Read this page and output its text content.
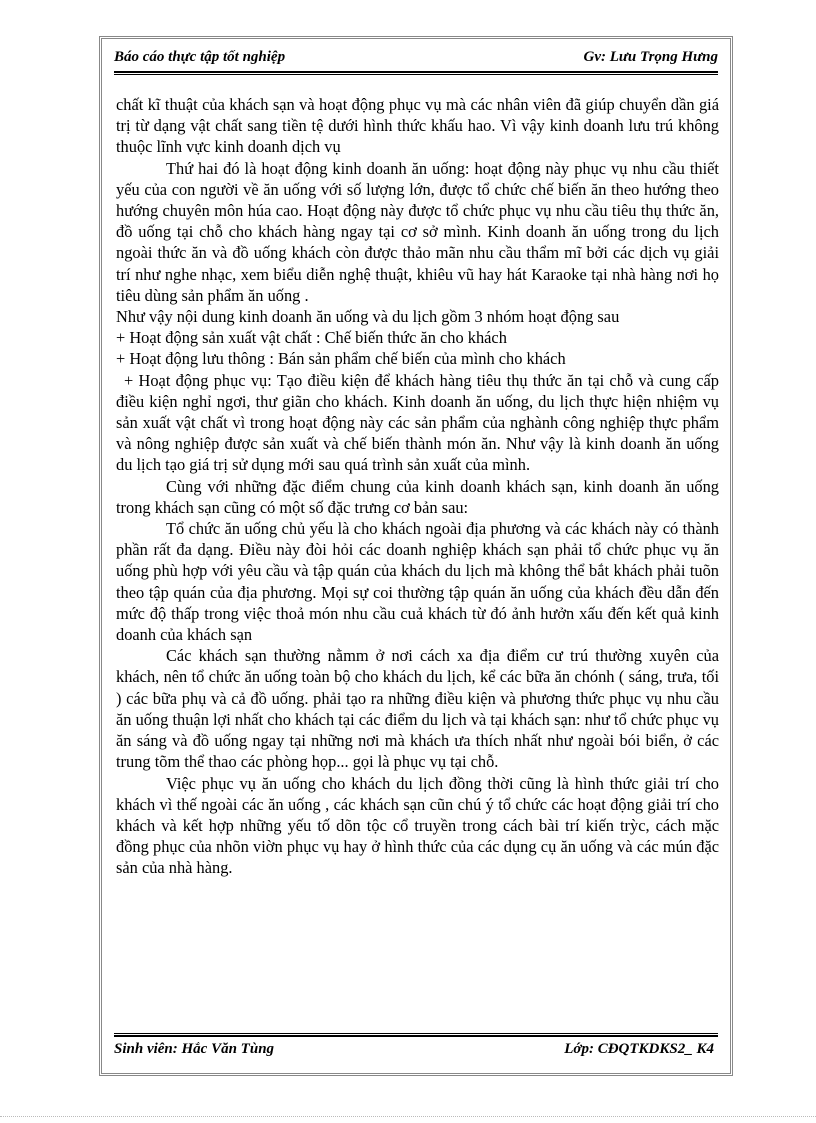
Báo cáo thực tập tốt nghiệp	Gv: Lưu Trọng Hưng

chất kĩ thuật của khách sạn và hoạt động phục vụ mà các nhân viên đã giúp chuyển dần giá trị từ dạng vật chất sang tiền tệ dưới hình thức khấu hao. Vì vậy kinh doanh lưu trú không thuộc lĩnh vực kinh doanh dịch vụ

Thứ hai đó là hoạt động kinh doanh ăn uống: hoạt động này phục vụ nhu cầu thiết yếu của con người về ăn uống với số lượng lớn, được tổ chức chế biến ăn theo hướng theo hướng chuyên môn húa cao. Hoạt động này được tổ chức phục vụ nhu cầu tiêu thụ thức ăn, đồ uống tại chỗ cho khách hàng ngay tại cơ sở mình. Kinh doanh ăn uống trong du lịch ngoài thức ăn và đồ uống khách còn được thảo mãn nhu cầu thẩm mĩ bởi các dịch vụ giải trí như nghe nhạc, xem biểu diễn nghệ thuật, khiêu vũ hay hát Karaoke tại nhà hàng nơi họ tiêu dùng sản phẩm ăn uống .

Như vậy nội dung kinh doanh ăn uống và du lịch gồm 3 nhóm hoạt động sau

+ Hoạt động sản xuất vật chất : Chế biến thức ăn cho khách

+ Hoạt động lưu thông : Bán sản phẩm chế biến của mình cho khách

+ Hoạt động phục vụ: Tạo điều kiện để khách hàng tiêu thụ thức ăn tại chỗ và cung cấp điều kiện nghỉ ngơi, thư giãn cho khách. Kinh doanh ăn uống, du lịch thực hiện nhiệm vụ sản xuất vật chất vì trong hoạt động này các sản phẩm của nghành công nghiệp thực phẩm và nông nghiệp được sản xuất và chế biến thành món ăn. Như vậy là kinh doanh ăn uống du lịch tạo giá trị sử dụng mới sau quá trình sản xuất của mình.

Cùng với những đặc điểm chung của kinh doanh khách sạn, kinh doanh ăn uống trong khách sạn cũng có một số đặc trưng cơ bản sau:

Tổ chức ăn uống chủ yếu là cho khách ngoài địa phương và các khách này có thành phần rất đa dạng. Điều này đòi hỏi các doanh nghiệp khách sạn phải tổ chức phục vụ ăn uống phù hợp với yêu cầu và tập quán của khách du lịch mà không thể bắt khách phải tuõn theo tập quán của địa phương. Mọi sự coi thường tập quán ăn uống của khách đều dẫn đến mức độ thấp trong việc thoả món nhu cầu cuả khách từ đó ảnh hưởn xấu đến kết quả kinh doanh của khách sạn

Các khách sạn thường nằmm ở nơi cách xa địa điểm cư trú thường xuyên của khách, nên tổ chức ăn uống toàn bộ cho khách du lịch, kể các bữa ăn chónh ( sáng, trưa, tối ) các bữa phụ và cả đồ uống. phải tạo ra những điều kiện và phương thức phục vụ nhu cầu ăn uống thuận lợi nhất cho khách tại các điểm du lịch và tại khách sạn: như tổ chức phục vụ ăn sáng và đồ uống ngay tại những nơi mà khách ưa thích nhất như ngoài bói biển, ở các trung tõm thể thao các phòng họp... gọi là phục vụ tại chỗ.

Việc phục vụ ăn uống cho khách du lịch đồng thời cũng là hình thức giải trí cho khách vì thế ngoài các ăn uống , các khách sạn cũn chú ý tổ chức các hoạt động giải trí cho khách và kết hợp những yếu tố dõn tộc cổ truyền trong cách bài trí kiến trỳc, cách mặc đồng phục của nhõn viờn phục vụ hay ở hình thức của các dụng cụ ăn uống và các mún đặc sản của nhà hàng.

Sinh viên: Hắc Văn Tùng	Lớp: CĐQTKDKS2_ K4
